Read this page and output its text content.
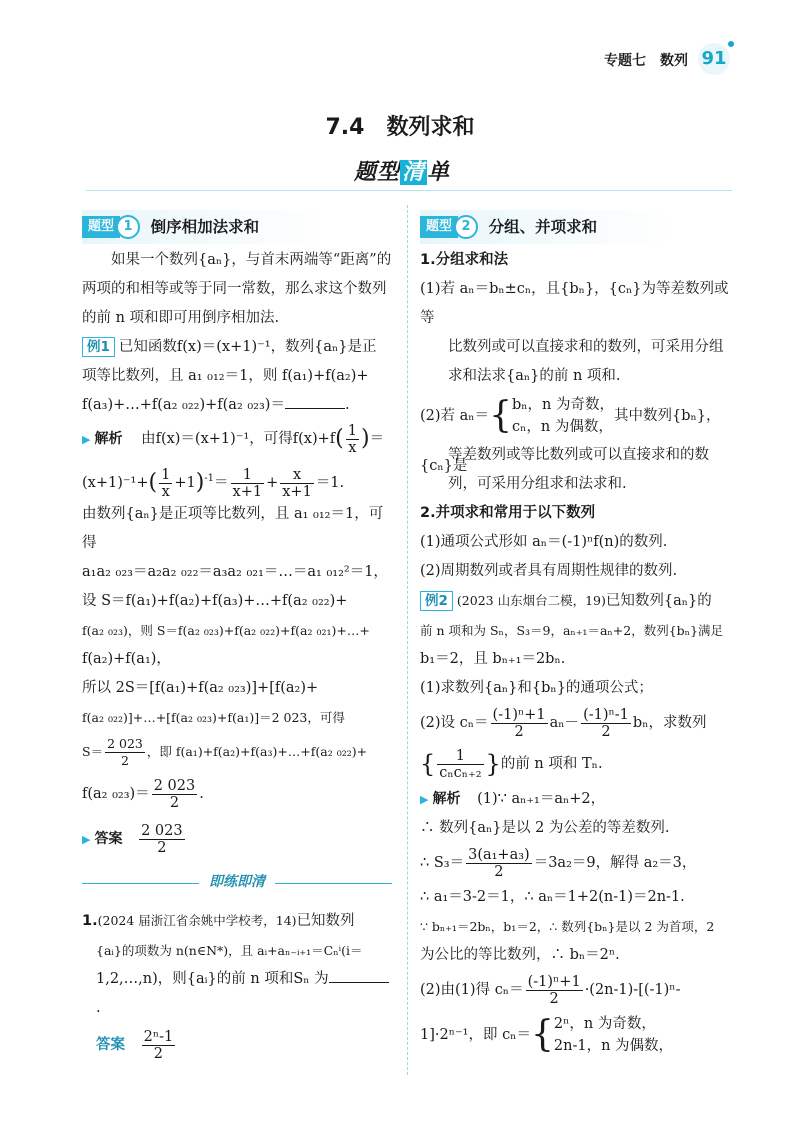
专题七　数列 91
7.4　数列求和
题型清单
题型 1 倒序相加法求和

如果一个数列{aₙ}，与首末两端等“距离”的两项的和相等或等于同一常数，那么求这个数列的前 n 项和即可用倒序相加法.

例1 已知函数f(x)＝(x+1)⁻¹，数列{aₙ}是正
项等比数列，且 a₁ ₀₁₂＝1，则 f(a₁)+f(a₂)+
f(a₃)+…+f(a₂ ₀₂₂)+f(a₂ ₀₂₃)＝	.
▶ 解析 由f(x)＝(x+1)⁻¹，可得$f(x)+f( \frac{1}{x}$ )＝
$(x+1)^{-1}+( \frac{1}{x} +1)^{-1}= \frac{1}{x+1} + \frac{x}{x+1} =1$.
由数列{aₙ}是正项等比数列，且 a₁ ₀₁₂＝1，可得
a₁a₂ ₀₂₃＝a₂a₂ ₀₂₂＝a₃a₂ ₀₂₁＝…＝a₁ ₀₁₂²＝1，
设 S＝f(a₁)+f(a₂)+f(a₃)+…+f(a₂ ₀₂₂)+
f(a₂ ₀₂₃)，则 S＝f(a₂ ₀₂₃)+f(a₂ ₀₂₂)+f(a₂ ₀₂₁)+…+
f(a₂)+f(a₁)，
所以 2S＝[f(a₁)+f(a₂ ₀₂₃)]+[f(a₂)+
f(a₂ ₀₂₂)]+…+[f(a₂ ₀₂₃)+f(a₁)]＝2 023，可得
$S= \frac{2 023}{2}$ ，即 f(a₁)+f(a₂)+f(a₃)+…+f(a₂ ₀₂₂)+
f(a₂ $_{023})= \frac{2 023}{2}$ .
▶ 答案 $\frac{2 023}{2}$
即练即清
1.(2024 届浙江省余姚中学校考，14)已知数列
{aᵢ}的项数为 n(n∈N*)，且 aᵢ+aₙ₋ᵢ₊₁＝Cₙⁱ(i＝
1,2,…,n)，则{aᵢ}的前 n 项和Sₙ 为.
答案 $\frac{\text{2ⁿ-1}}{2}$
题型 2 分组、并项求和
1.分组求和法
(1)若 aₙ＝bₙ±cₙ，且{bₙ}，{cₙ}为等差数列或等
比数列或可以直接求和的数列，可采用分组
求和法求{aₙ}的前 n 项和.
(2)若 aₙ＝{ bₙ，n 为奇数，
cₙ，n 为偶数，
其中数列{bₙ}，{cₙ}是
等差数列或等比数列或可以直接求和的数
列，可采用分组求和法求和.
2.并项求和常用于以下数列
(1)通项公式形如 aₙ＝(-1)ⁿf(n)的数列.
(2)周期数列或者具有周期性规律的数列.
例2 (2023 山东烟台二模，19)已知数列{aₙ}的
前 n 项和为 Sₙ，S₃＝9，aₙ₊₁＝aₙ+2，数列{bₙ}满足
b₁＝2，且 bₙ₊₁＝2bₙ.
(1)求数列{aₙ}和{bₙ}的通项公式；
(2)设 $c_n= \frac{\text{(-1)ⁿ+1}}{2} a_n- \frac{\text{(-1)ⁿ-1}}{2}$ bₙ，求数列
{ $\frac{1}{\text{cₙcₙ₊₂}}$ }的前 n 项和 Tₙ.
▶ 解析 (1)∵ aₙ₊₁＝aₙ+2，
∴ 数列{aₙ}是以 2 为公差的等差数列.
∴ $S_3= \frac{\text{3(a₁+a₃)}}{2} =3a_2=9$，解得 a₂＝3，
∴ a₁＝3-2＝1，∴ aₙ＝1+2(n-1)＝2n-1.
∵ bₙ₊₁＝2bₙ，b₁＝2，∴ 数列{bₙ}是以 2 为首项，2
为公比的等比数列，∴ bₙ＝2ⁿ.
(2)由(1)得 $c_n= \frac{\text{(-1)ⁿ+1}}{2} \cdot(2n-1)-[(-1)^n-$
1]·2ⁿ⁻¹，即 cₙ＝{ 2ⁿ，n 为奇数，
2n-1，n 为偶数，
